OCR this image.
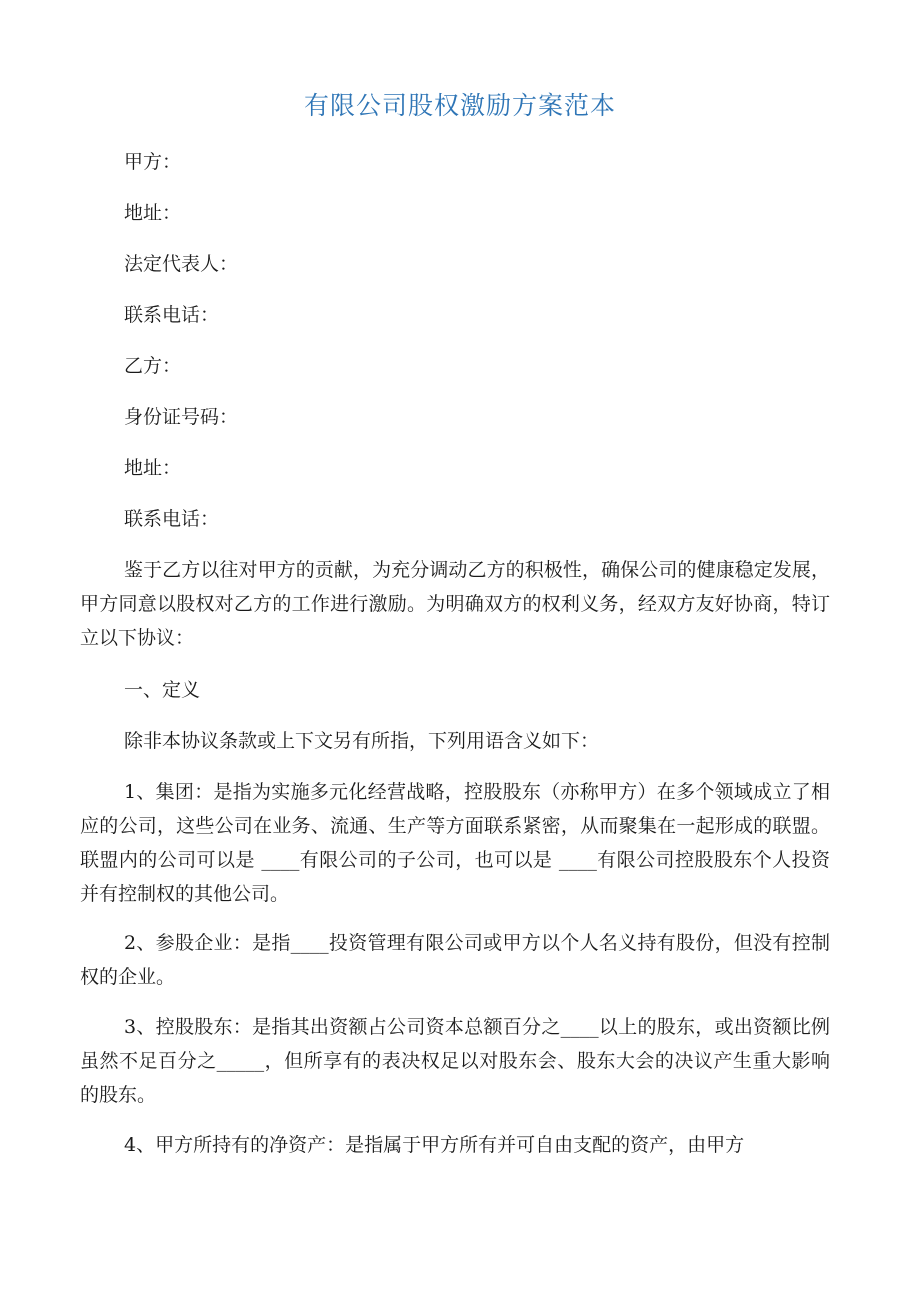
有限公司股权激励方案范本
甲方：
地址：
法定代表人：
联系电话：
乙方：
身份证号码：
地址：
联系电话：
鉴于乙方以往对甲方的贡献，为充分调动乙方的积极性，确保公司的健康稳定发展，甲方同意以股权对乙方的工作进行激励。为明确双方的权利义务，经双方友好协商，特订立以下协议：
一、定义
除非本协议条款或上下文另有所指，下列用语含义如下：
1、集团：是指为实施多元化经营战略，控股股东（亦称甲方）在多个领域成立了相应的公司，这些公司在业务、流通、生产等方面联系紧密，从而聚集在一起形成的联盟。联盟内的公司可以是 ____有限公司的子公司，也可以是 ____有限公司控股股东个人投资并有控制权的其他公司。
2、参股企业：是指____投资管理有限公司或甲方以个人名义持有股份，但没有控制权的企业。
3、控股股东：是指其出资额占公司资本总额百分之____以上的股东，或出资额比例虽然不足百分之_____，但所享有的表决权足以对股东会、股东大会的决议产生重大影响的股东。
4、甲方所持有的净资产：是指属于甲方所有并可自由支配的资产，由甲方
